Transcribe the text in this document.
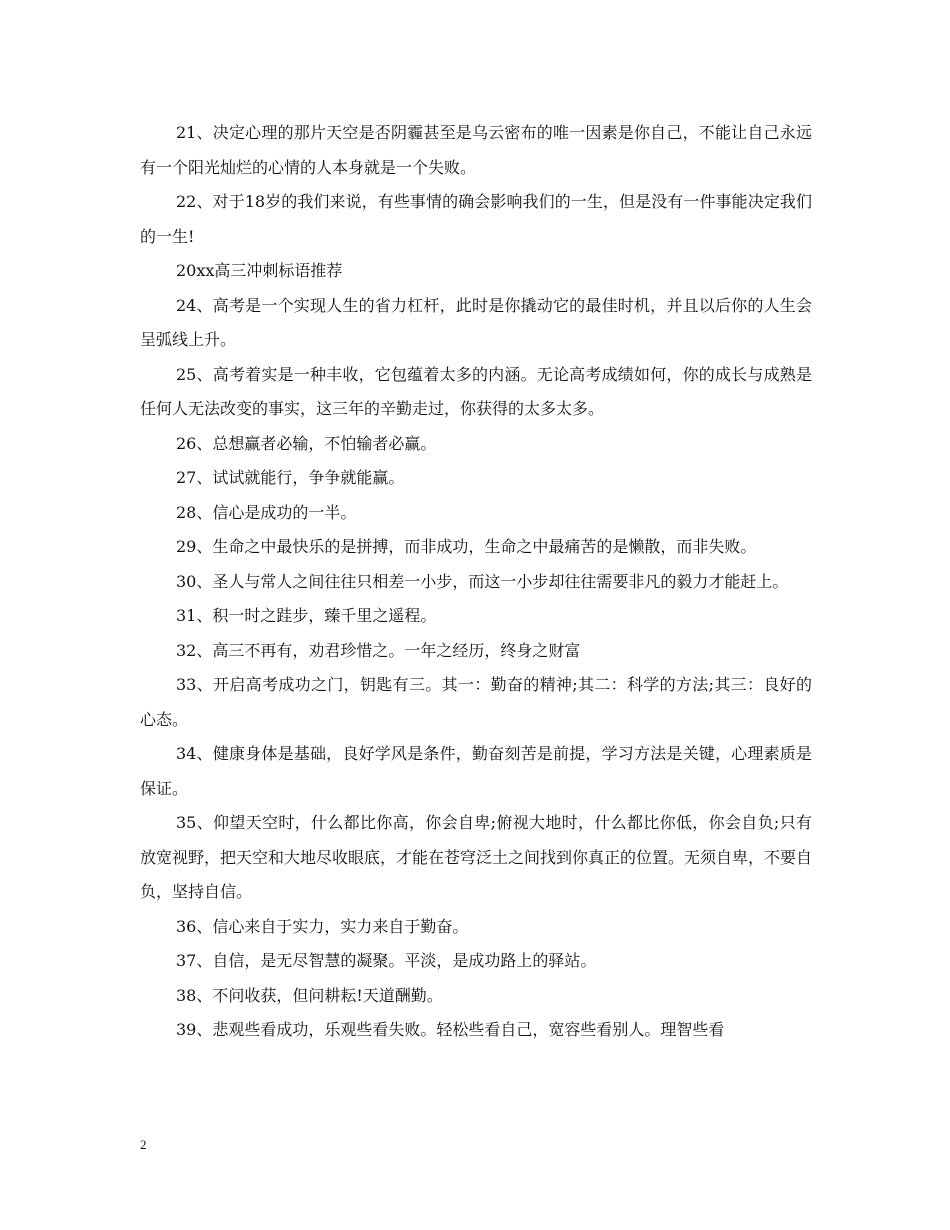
21、决定心理的那片天空是否阴霾甚至是乌云密布的唯一因素是你自己，不能让自己永远有一个阳光灿烂的心情的人本身就是一个失败。

22、对于18岁的我们来说，有些事情的确会影响我们的一生，但是没有一件事能决定我们的一生!

20xx高三冲刺标语推荐

24、高考是一个实现人生的省力杠杆，此时是你撬动它的最佳时机，并且以后你的人生会呈弧线上升。

25、高考着实是一种丰收，它包蕴着太多的内涵。无论高考成绩如何，你的成长与成熟是任何人无法改变的事实，这三年的辛勤走过，你获得的太多太多。

26、总想赢者必输，不怕输者必赢。

27、试试就能行，争争就能赢。

28、信心是成功的一半。

29、生命之中最快乐的是拼搏，而非成功，生命之中最痛苦的是懒散，而非失败。

30、圣人与常人之间往往只相差一小步，而这一小步却往往需要非凡的毅力才能赶上。

31、积一时之跬步，臻千里之遥程。

32、高三不再有，劝君珍惜之。一年之经历，终身之财富

33、开启高考成功之门，钥匙有三。其一：勤奋的精神;其二：科学的方法;其三：良好的心态。

34、健康身体是基础，良好学风是条件，勤奋刻苦是前提，学习方法是关键，心理素质是保证。

35、仰望天空时，什么都比你高，你会自卑;俯视大地时，什么都比你低，你会自负;只有放宽视野，把天空和大地尽收眼底，才能在苍穹泛土之间找到你真正的位置。无须自卑，不要自负，坚持自信。

36、信心来自于实力，实力来自于勤奋。

37、自信，是无尽智慧的凝聚。平淡，是成功路上的驿站。

38、不问收获，但问耕耘!天道酬勤。

39、悲观些看成功，乐观些看失败。轻松些看自己，宽容些看别人。理智些看

2
